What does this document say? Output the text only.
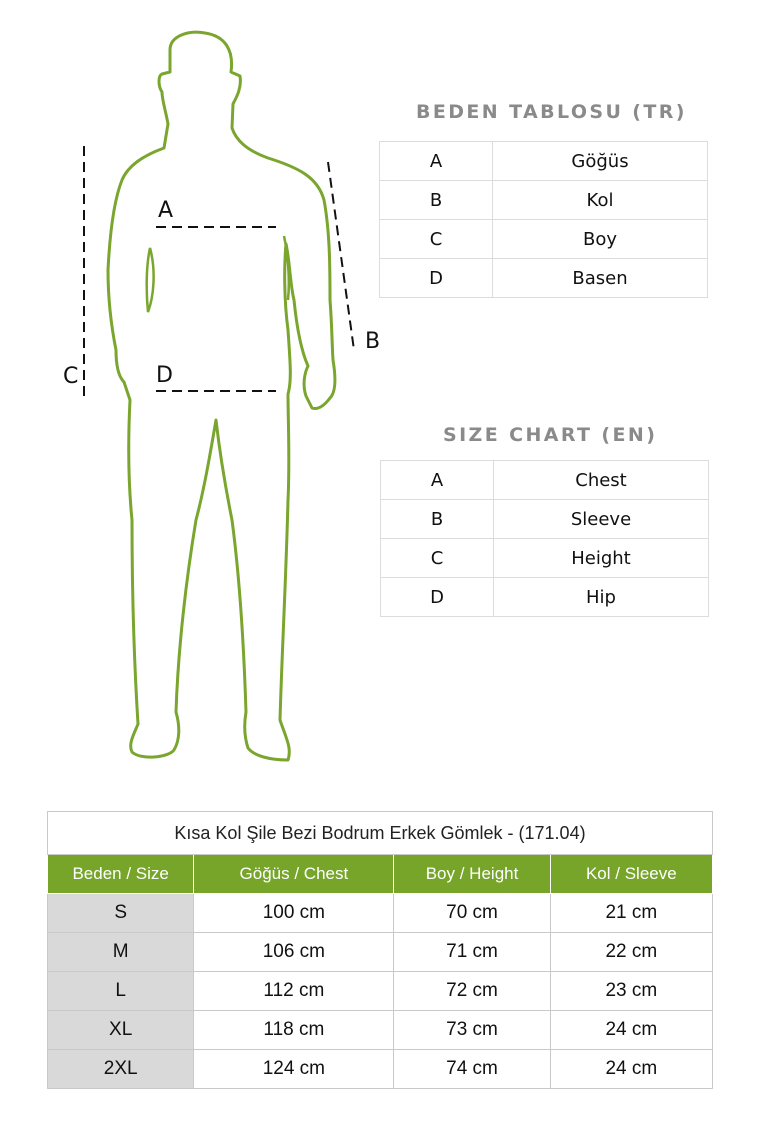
A
B
C	D
BEDEN TABLOSU (TR)
A	Göğüs
B	Kol
C	Boy
D	Basen
SIZE CHART (EN)
A	Chest
B	Sleeve
C	Height
D	Hip
Kısa Kol Şile Bezi Bodrum Erkek Gömlek - (171.04)			
Beden / Size	Göğüs / Chest	Boy / Height	Kol / Sleeve
S	100 cm	70 cm	21 cm
M	106 cm	71 cm	22 cm
L	112 cm	72 cm	23 cm
XL	118 cm	73 cm	24 cm
2XL	124 cm	74 cm	24 cm
